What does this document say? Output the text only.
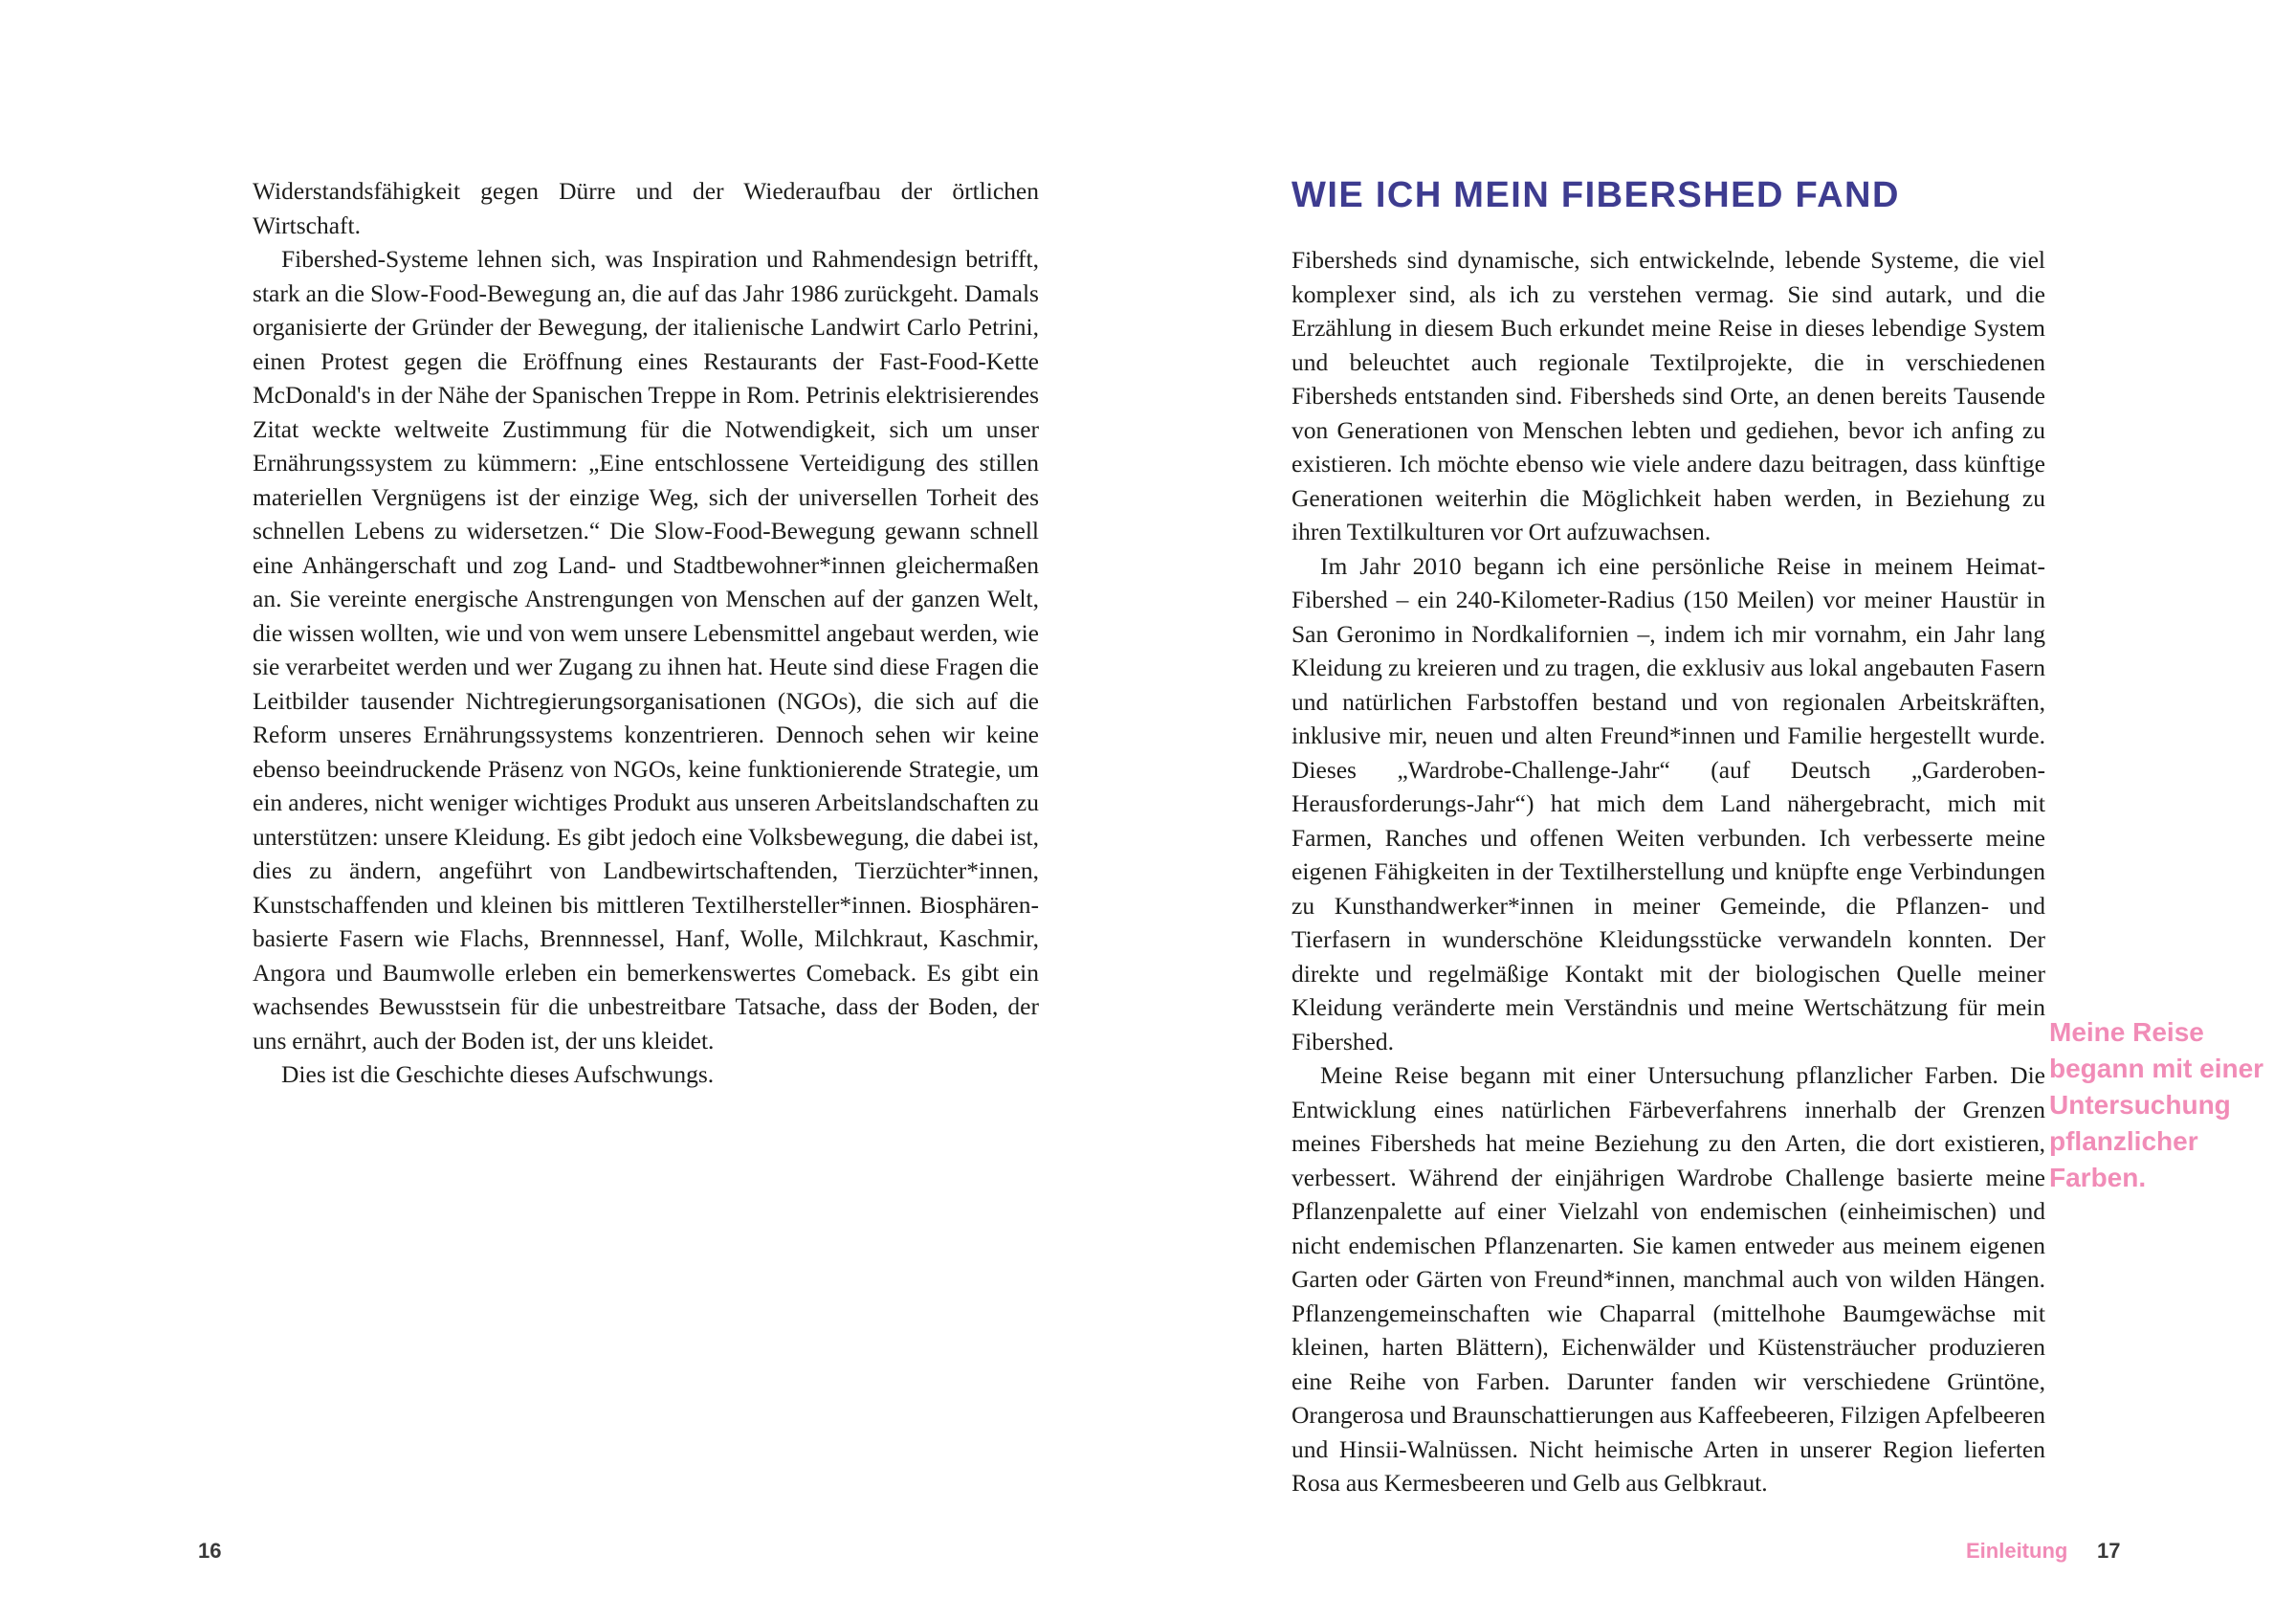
Widerstandsfähigkeit gegen Dürre und der Wiederaufbau der örtlichen Wirtschaft.

Fibershed-Systeme lehnen sich, was Inspiration und Rahmendesign betrifft, stark an die Slow-Food-Bewegung an, die auf das Jahr 1986 zurückgeht. Damals organisierte der Gründer der Bewegung, der italienische Landwirt Carlo Petrini, einen Protest gegen die Eröffnung eines Restaurants der Fast-Food-Kette McDonald's in der Nähe der Spanischen Treppe in Rom. Petrinis elektrisierendes Zitat weckte weltweite Zustimmung für die Notwendigkeit, sich um unser Ernährungssystem zu kümmern: „Eine entschlossene Verteidigung des stillen materiellen Vergnügens ist der einzige Weg, sich der universellen Torheit des schnellen Lebens zu widersetzen.“ Die Slow-Food-Bewegung gewann schnell eine Anhängerschaft und zog Land- und Stadtbewohner*innen gleichermaßen an. Sie vereinte energische Anstrengungen von Menschen auf der ganzen Welt, die wissen wollten, wie und von wem unsere Lebensmittel angebaut werden, wie sie verarbeitet werden und wer Zugang zu ihnen hat. Heute sind diese Fragen die Leitbilder tausender Nichtregierungsorganisationen (NGOs), die sich auf die Reform unseres Ernährungssystems konzentrieren. Dennoch sehen wir keine ebenso beeindruckende Präsenz von NGOs, keine funktionierende Strategie, um ein anderes, nicht weniger wichtiges Produkt aus unseren Arbeitslandschaften zu unterstützen: unsere Kleidung. Es gibt jedoch eine Volksbewegung, die dabei ist, dies zu ändern, angeführt von Landbewirtschaftenden, Tierzüchter*innen, Kunstschaffenden und kleinen bis mittleren Textilhersteller*innen. Biosphären-basierte Fasern wie Flachs, Brennnessel, Hanf, Wolle, Milchkraut, Kaschmir, Angora und Baumwolle erleben ein bemerkenswertes Comeback. Es gibt ein wachsendes Bewusstsein für die unbestreitbare Tatsache, dass der Boden, der uns ernährt, auch der Boden ist, der uns kleidet.

Dies ist die Geschichte dieses Aufschwungs.

WIE ICH MEIN FIBERSHED FAND

Fibersheds sind dynamische, sich entwickelnde, lebende Systeme, die viel komplexer sind, als ich zu verstehen vermag. Sie sind autark, und die Erzählung in diesem Buch erkundet meine Reise in dieses lebendige System und beleuchtet auch regionale Textilprojekte, die in verschiedenen Fibersheds entstanden sind. Fibersheds sind Orte, an denen bereits Tausende von Generationen von Menschen lebten und gediehen, bevor ich anfing zu existieren. Ich möchte ebenso wie viele andere dazu beitragen, dass künftige Generationen weiterhin die Möglichkeit haben werden, in Beziehung zu ihren Textilkulturen vor Ort aufzuwachsen.

Im Jahr 2010 begann ich eine persönliche Reise in meinem Heimat-Fibershed – ein 240-Kilometer-Radius (150 Meilen) vor meiner Haustür in San Geronimo in Nordkalifornien –, indem ich mir vornahm, ein Jahr lang Kleidung zu kreieren und zu tragen, die exklusiv aus lokal angebauten Fasern und natürlichen Farbstoffen bestand und von regionalen Arbeitskräften, inklusive mir, neuen und alten Freund*innen und Familie hergestellt wurde. Dieses „Wardrobe-Challenge-Jahr“ (auf Deutsch „Garderoben-Herausforderungs-Jahr“) hat mich dem Land nähergebracht, mich mit Farmen, Ranches und offenen Weiten verbunden. Ich verbesserte meine eigenen Fähigkeiten in der Textilherstellung und knüpfte enge Verbindungen zu Kunsthandwerker*innen in meiner Gemeinde, die Pflanzen- und Tierfasern in wunderschöne Kleidungsstücke verwandeln konnten. Der direkte und regelmäßige Kontakt mit der biologischen Quelle meiner Kleidung veränderte mein Verständnis und meine Wertschätzung für mein Fibershed.

Meine Reise begann mit einer Untersuchung pflanzlicher Farben. Die Entwicklung eines natürlichen Färbeverfahrens innerhalb der Grenzen meines Fibersheds hat meine Beziehung zu den Arten, die dort existieren, verbessert. Während der einjährigen Wardrobe Challenge basierte meine Pflanzenpalette auf einer Vielzahl von endemischen (einheimischen) und nicht endemischen Pflanzenarten. Sie kamen entweder aus meinem eigenen Garten oder Gärten von Freund*innen, manchmal auch von wilden Hängen. Pflanzengemeinschaften wie Chaparral (mittelhohe Baumgewächse mit kleinen, harten Blättern), Eichenwälder und Küstensträucher produzieren eine Reihe von Farben. Darunter fanden wir verschiedene Grüntöne, Orangerosa und Braunschattierungen aus Kaffeebeeren, Filzigen Apfelbeeren und Hinsii-Walnüssen. Nicht heimische Arten in unserer Region lieferten Rosa aus Kermesbeeren und Gelb aus Gelbkraut.

Meine Reise begann mit einer Untersuchung pflanzlicher Farben.
16	Einleitung 17
